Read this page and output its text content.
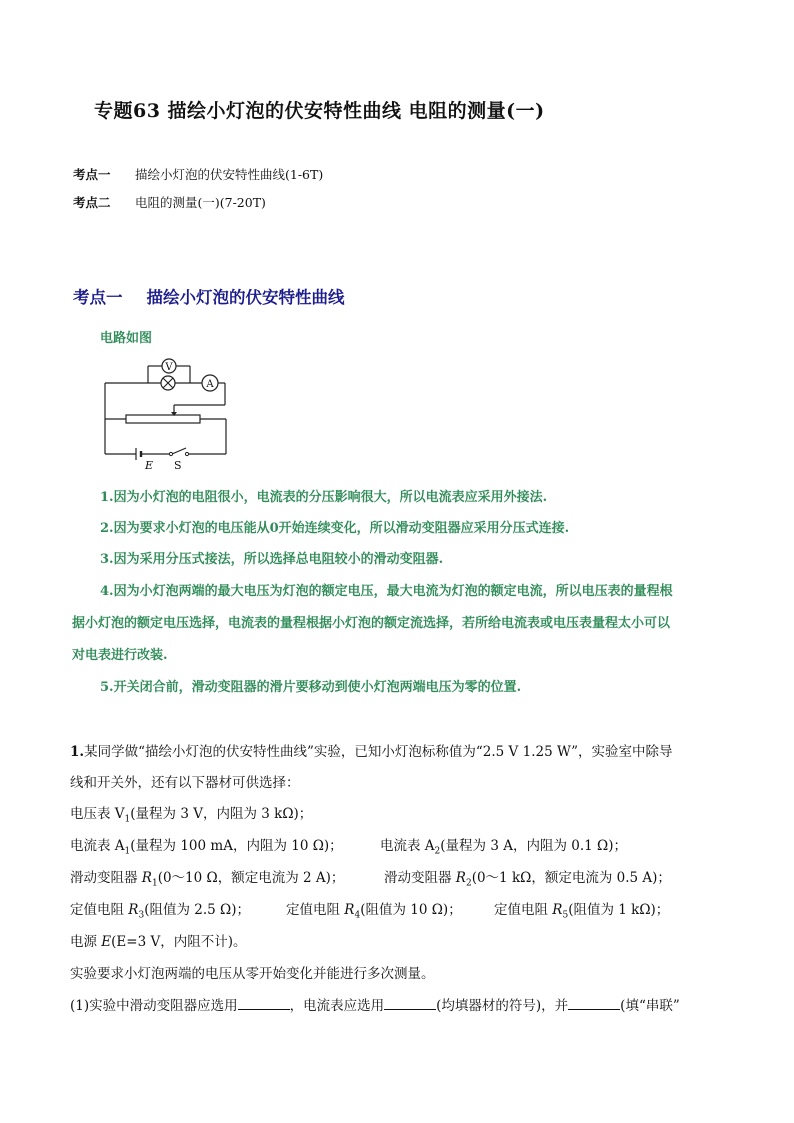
专题63 描绘小灯泡的伏安特性曲线 电阻的测量(一)
考点一 描绘小灯泡的伏安特性曲线(1-6T)
考点二 电阻的测量(一)(7-20T)
考点一 描绘小灯泡的伏安特性曲线
电路如图
V
A
E S
1.因为小灯泡的电阻很小，电流表的分压影响很大，所以电流表应采用外接法.
2.因为要求小灯泡的电压能从0开始连续变化，所以滑动变阻器应采用分压式连接.
3.因为采用分压式接法，所以选择总电阻较小的滑动变阻器.
4.因为小灯泡两端的最大电压为灯泡的额定电压，最大电流为灯泡的额定电流，所以电压表的量程根
据小灯泡的额定电压选择，电流表的量程根据小灯泡的额定流选择，若所给电流表或电压表量程太小可以
对电表进行改装.
5.开关闭合前，滑动变阻器的滑片要移动到使小灯泡两端电压为零的位置.
1.某同学做“描绘小灯泡的伏安特性曲线”实验，已知小灯泡标称值为“2.5 V 1.25 W”，实验室中除导
线和开关外，还有以下器材可供选择：
电压表 $V_1$(量程为 3 V，内阻为 3 kΩ)；
电流表 $A_1$(量程为 100 mA，内阻为 10 Ω)；	电流表 $A_2$(量程为 3 A，内阻为 0.1 Ω)；
滑动变阻器 $R_1(0\sim 10$ Ω，额定电流为 2 A)；	滑动变阻器 $R_2(0\sim 1$ kΩ，额定电流为 0.5 A)；
定值电阻 $R_3$(阻值为 2.5 Ω)；	定值电阻 $R_4$(阻值为 10 Ω)； 定值电阻 $R_5$(阻值为 1 kΩ)；
电源 E(E=3 V，内阻不计)。
实验要求小灯泡两端的电压从零开始变化并能进行多次测量。
(1)实验中滑动变阻器应选用	，电流表应选用	(均填器材的符号)，并	(填“串联”
